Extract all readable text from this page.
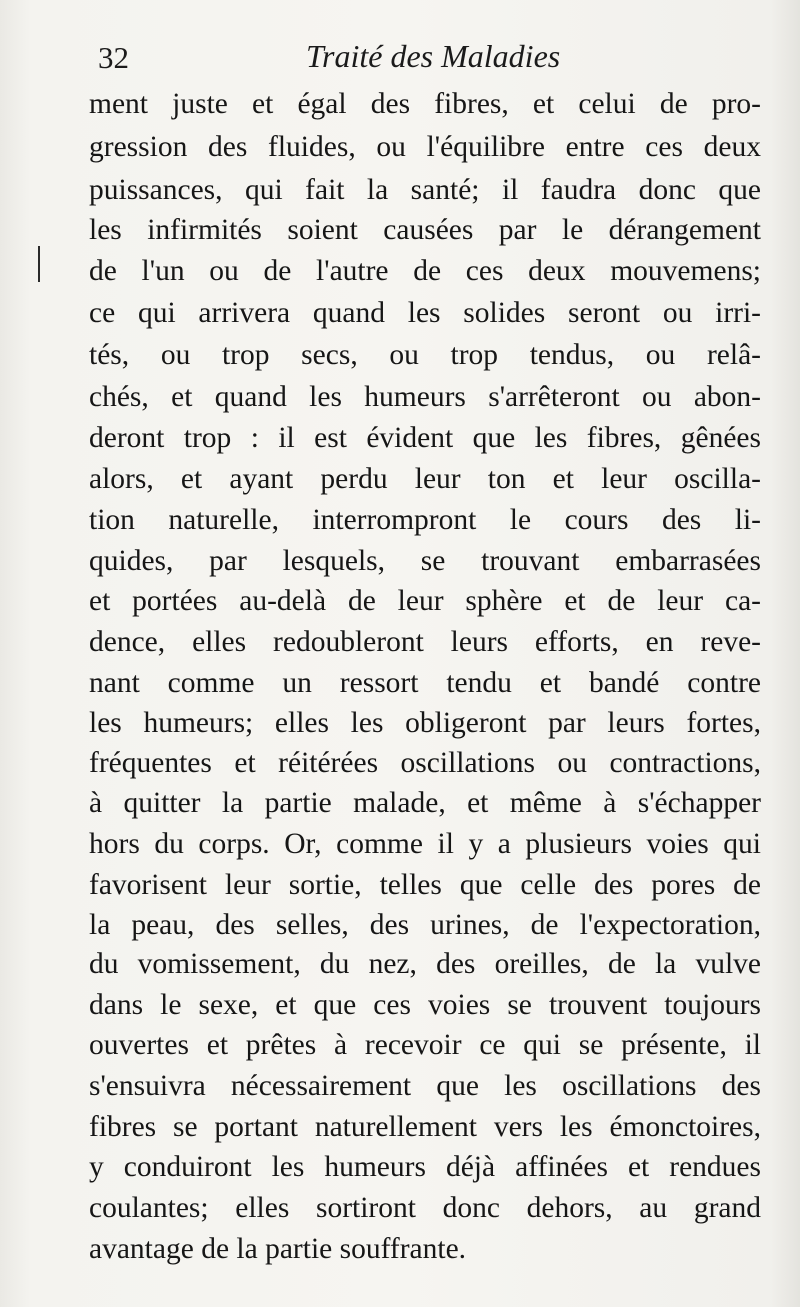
32	Traité des Maladies
ment juste et égal des fibres, et celui de pro-
gression des fluides, ou l'équilibre entre ces deux
puissances, qui fait la santé; il faudra donc que
les infirmités soient causées par le dérangement
de l'un ou de l'autre de ces deux mouvemens;
ce qui arrivera quand les solides seront ou irri-
tés, ou trop secs, ou trop tendus, ou relâ-
chés, et quand les humeurs s'arrêteront ou abon-
deront trop : il est évident que les fibres, gênées
alors, et ayant perdu leur ton et leur oscilla-
tion naturelle, interrompront le cours des li-
quides, par lesquels, se trouvant embarrasées
et portées au-delà de leur sphère et de leur ca-
dence, elles redoubleront leurs efforts, en reve-
nant comme un ressort tendu et bandé contre
les humeurs; elles les obligeront par leurs fortes,
fréquentes et réitérées oscillations ou contractions,
à quitter la partie malade, et même à s'échapper
hors du corps. Or, comme il y a plusieurs voies qui
favorisent leur sortie, telles que celle des pores de
la peau, des selles, des urines, de l'expectoration,
du vomissement, du nez, des oreilles, de la vulve
dans le sexe, et que ces voies se trouvent toujours
ouvertes et prêtes à recevoir ce qui se présente, il
s'ensuivra nécessairement que les oscillations des
fibres se portant naturellement vers les émonctoires,
y conduiront les humeurs déjà affinées et rendues
coulantes; elles sortiront donc dehors, au grand
avantage de la partie souffrante.
